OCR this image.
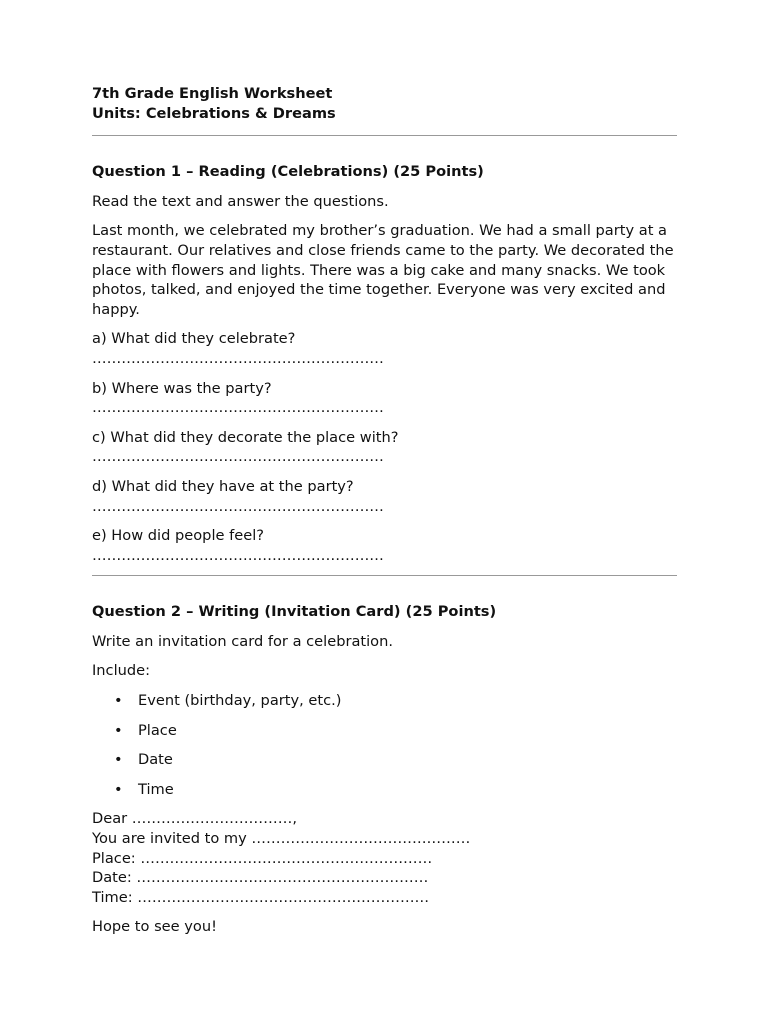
7th Grade English Worksheet
Units: Celebrations & Dreams
Question 1 – Reading (Celebrations) (25 Points)

Read the text and answer the questions.

Last month, we celebrated my brother’s graduation. We had a small party at a restaurant. Our relatives and close friends came to the party. We decorated the place with flowers and lights. There was a big cake and many snacks. We took photos, talked, and enjoyed the time together. Everyone was very excited and happy.

a) What did they celebrate?
……………………………………………………
b) Where was the party?
……………………………………………………
c) What did they decorate the place with?
……………………………………………………
d) What did they have at the party?
……………………………………………………
e) How did people feel?
……………………………………………………
Question 2 – Writing (Invitation Card) (25 Points)

Write an invitation card for a celebration.

Include:

• Event (birthday, party, etc.)
• Place
• Date
• Time
Dear ……………………………,
You are invited to my ………………………………………
Place: ……………………………………………………
Date: ……………………………………………………
Time: ……………………………………………………

Hope to see you!
